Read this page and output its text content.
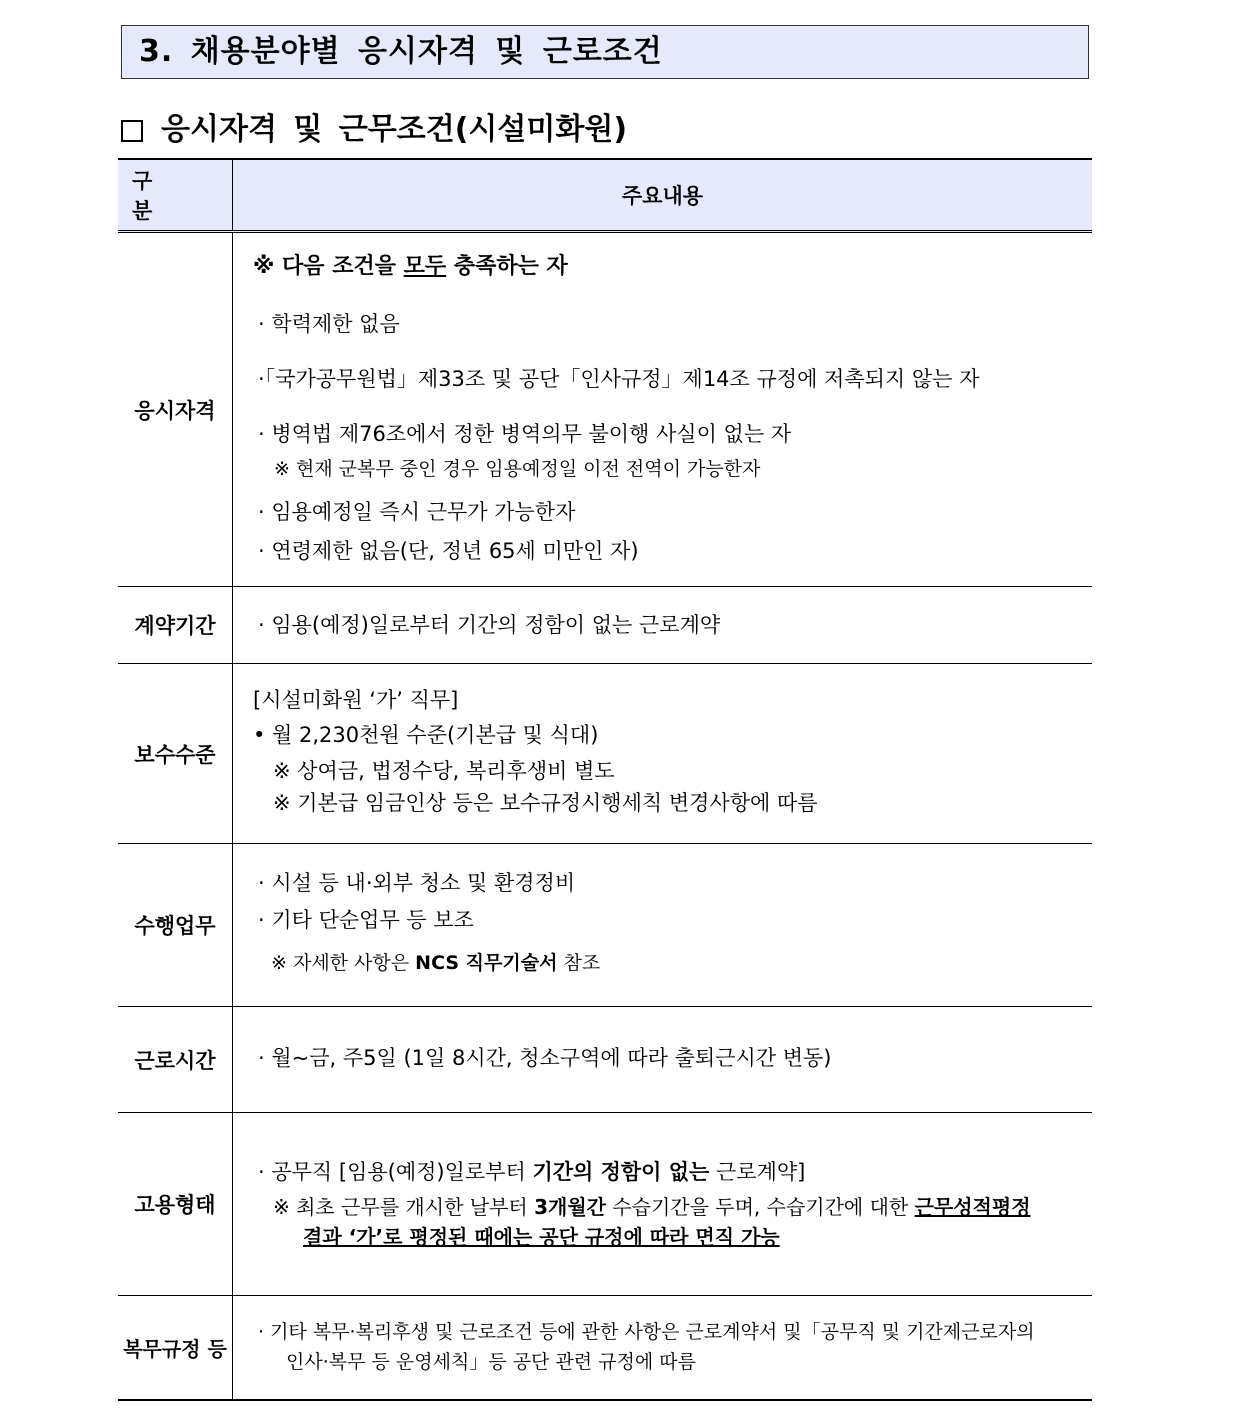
3. 채용분야별 응시자격 및 근로조건
응시자격 및 근무조건(시설미화원)
구 분
주요내용
응시자격
※ 다음 조건을 모두 충족하는 자
· 학력제한 없음
·「국가공무원법」제33조 및 공단「인사규정」제14조 규정에 저촉되지 않는 자
· 병역법 제76조에서 정한 병역의무 불이행 사실이 없는 자
※ 현재 군복무 중인 경우 임용예정일 이전 전역이 가능한자
· 임용예정일 즉시 근무가 가능한자
· 연령제한 없음(단, 정년 65세 미만인 자)
계약기간	· 임용(예정)일로부터 기간의 정함이 없는 근로계약
보수수준
[시설미화원 ‘가’ 직무]
• 월 2,230천원 수준(기본급 및 식대)
※ 상여금, 법정수당, 복리후생비 별도
※ 기본급 임금인상 등은 보수규정시행세칙 변경사항에 따름
수행업무
· 시설 등 내·외부 청소 및 환경정비
· 기타 단순업무 등 보조
※ 자세한 사항은 NCS 직무기술서 참조
근로시간	· 월~금, 주5일 (1일 8시간, 청소구역에 따라 출퇴근시간 변동)
고용형태
· 공무직 [임용(예정)일로부터 기간의 정함이 없는 근로계약]
※ 최초 근무를 개시한 날부터 3개월간 수습기간을 두며, 수습기간에 대한 근무성적평정
결과 ‘가’로 평정된 때에는 공단 규정에 따라 면직 가능
복무규정 등
· 기타 복무·복리후생 및 근로조건 등에 관한 사항은 근로계약서 및「공무직 및 기간제근로자의
인사·복무 등 운영세칙」등 공단 관련 규정에 따름
